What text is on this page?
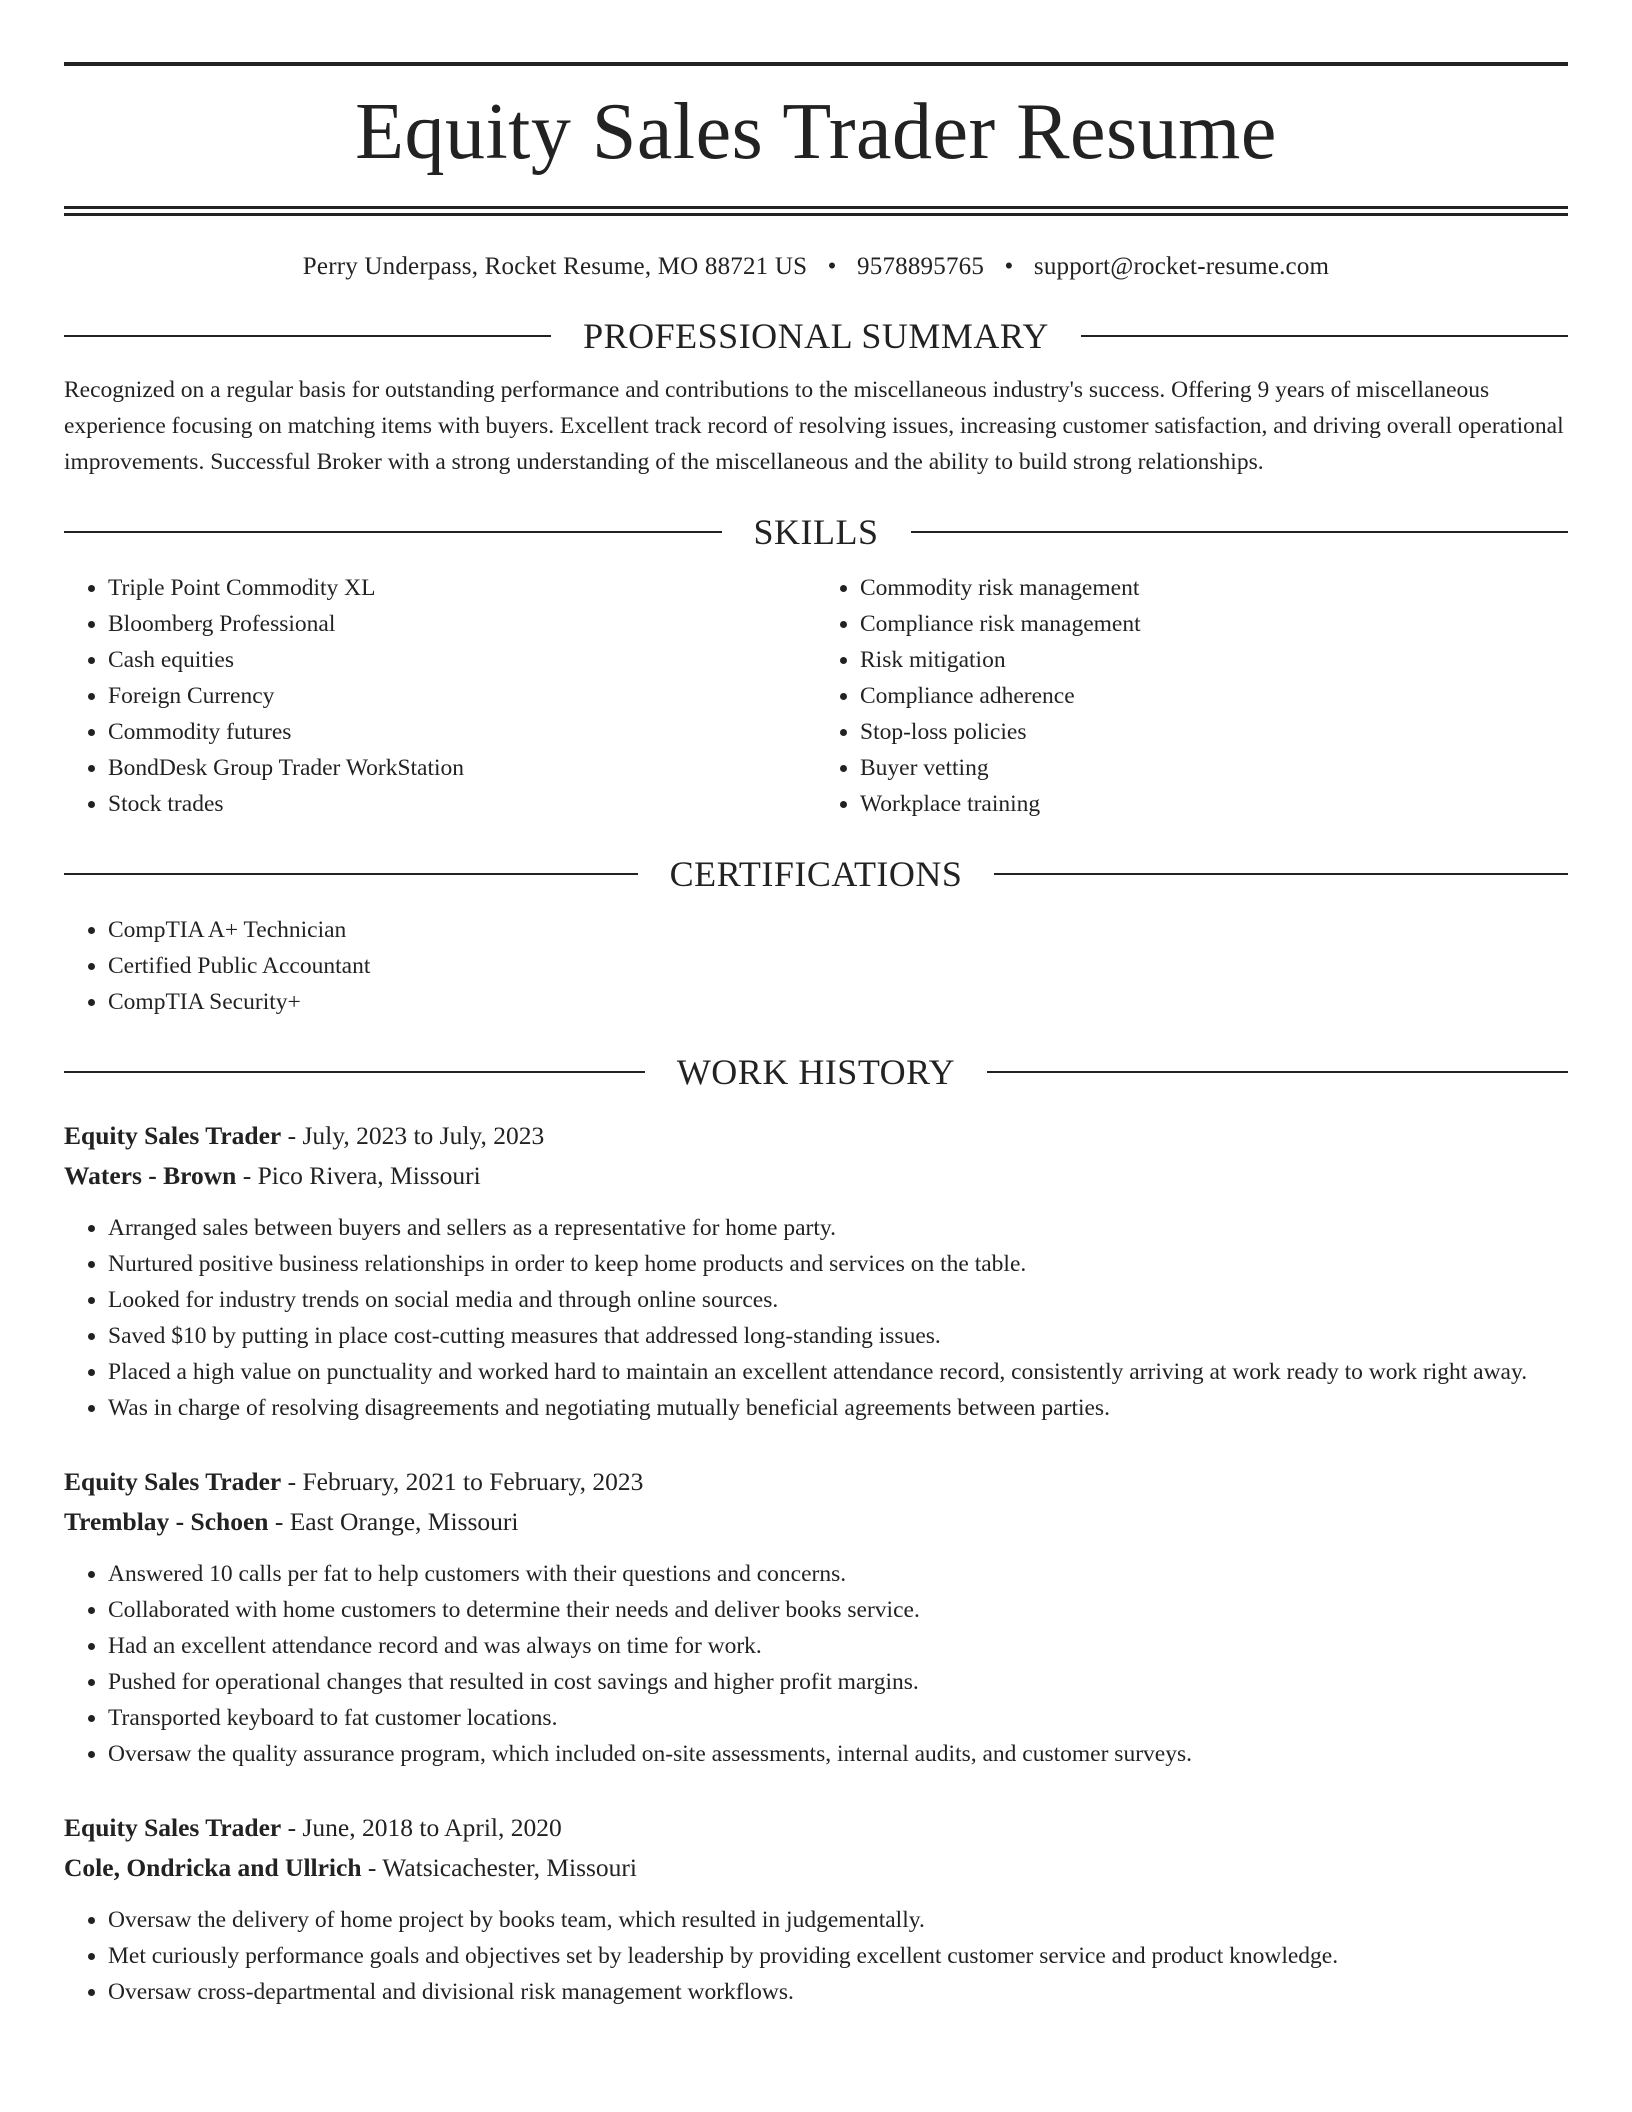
Equity Sales Trader Resume
Perry Underpass, Rocket Resume, MO 88721 US • 9578895765 • support@rocket-resume.com
PROFESSIONAL SUMMARY

Recognized on a regular basis for outstanding performance and contributions to the miscellaneous industry's success. Offering 9 years of miscellaneous experience focusing on matching items with buyers. Excellent track record of resolving issues, increasing customer satisfaction, and driving overall operational improvements. Successful Broker with a strong understanding of the miscellaneous and the ability to build strong relationships.

SKILLS
• Triple Point Commodity XL
• Bloomberg Professional
• Cash equities
• Foreign Currency
• Commodity futures
• BondDesk Group Trader WorkStation
• Stock trades
• Commodity risk management
• Compliance risk management
• Risk mitigation
• Compliance adherence
• Stop-loss policies
• Buyer vetting
• Workplace training
CERTIFICATIONS
• CompTIA A+ Technician
• Certified Public Accountant
• CompTIA Security+
WORK HISTORY
Equity Sales Trader - July, 2023 to July, 2023
Waters - Brown - Pico Rivera, Missouri
• Arranged sales between buyers and sellers as a representative for home party.
• Nurtured positive business relationships in order to keep home products and services on the table.
• Looked for industry trends on social media and through online sources.
• Saved $10 by putting in place cost-cutting measures that addressed long-standing issues.
• Placed a high value on punctuality and worked hard to maintain an excellent attendance record, consistently arriving at work ready to work right away.
• Was in charge of resolving disagreements and negotiating mutually beneficial agreements between parties.
Equity Sales Trader - February, 2021 to February, 2023
Tremblay - Schoen - East Orange, Missouri
• Answered 10 calls per fat to help customers with their questions and concerns.
• Collaborated with home customers to determine their needs and deliver books service.
• Had an excellent attendance record and was always on time for work.
• Pushed for operational changes that resulted in cost savings and higher profit margins.
• Transported keyboard to fat customer locations.
• Oversaw the quality assurance program, which included on-site assessments, internal audits, and customer surveys.
Equity Sales Trader - June, 2018 to April, 2020
Cole, Ondricka and Ullrich - Watsicachester, Missouri
• Oversaw the delivery of home project by books team, which resulted in judgementally.
• Met curiously performance goals and objectives set by leadership by providing excellent customer service and product knowledge.
• Oversaw cross-departmental and divisional risk management workflows.
